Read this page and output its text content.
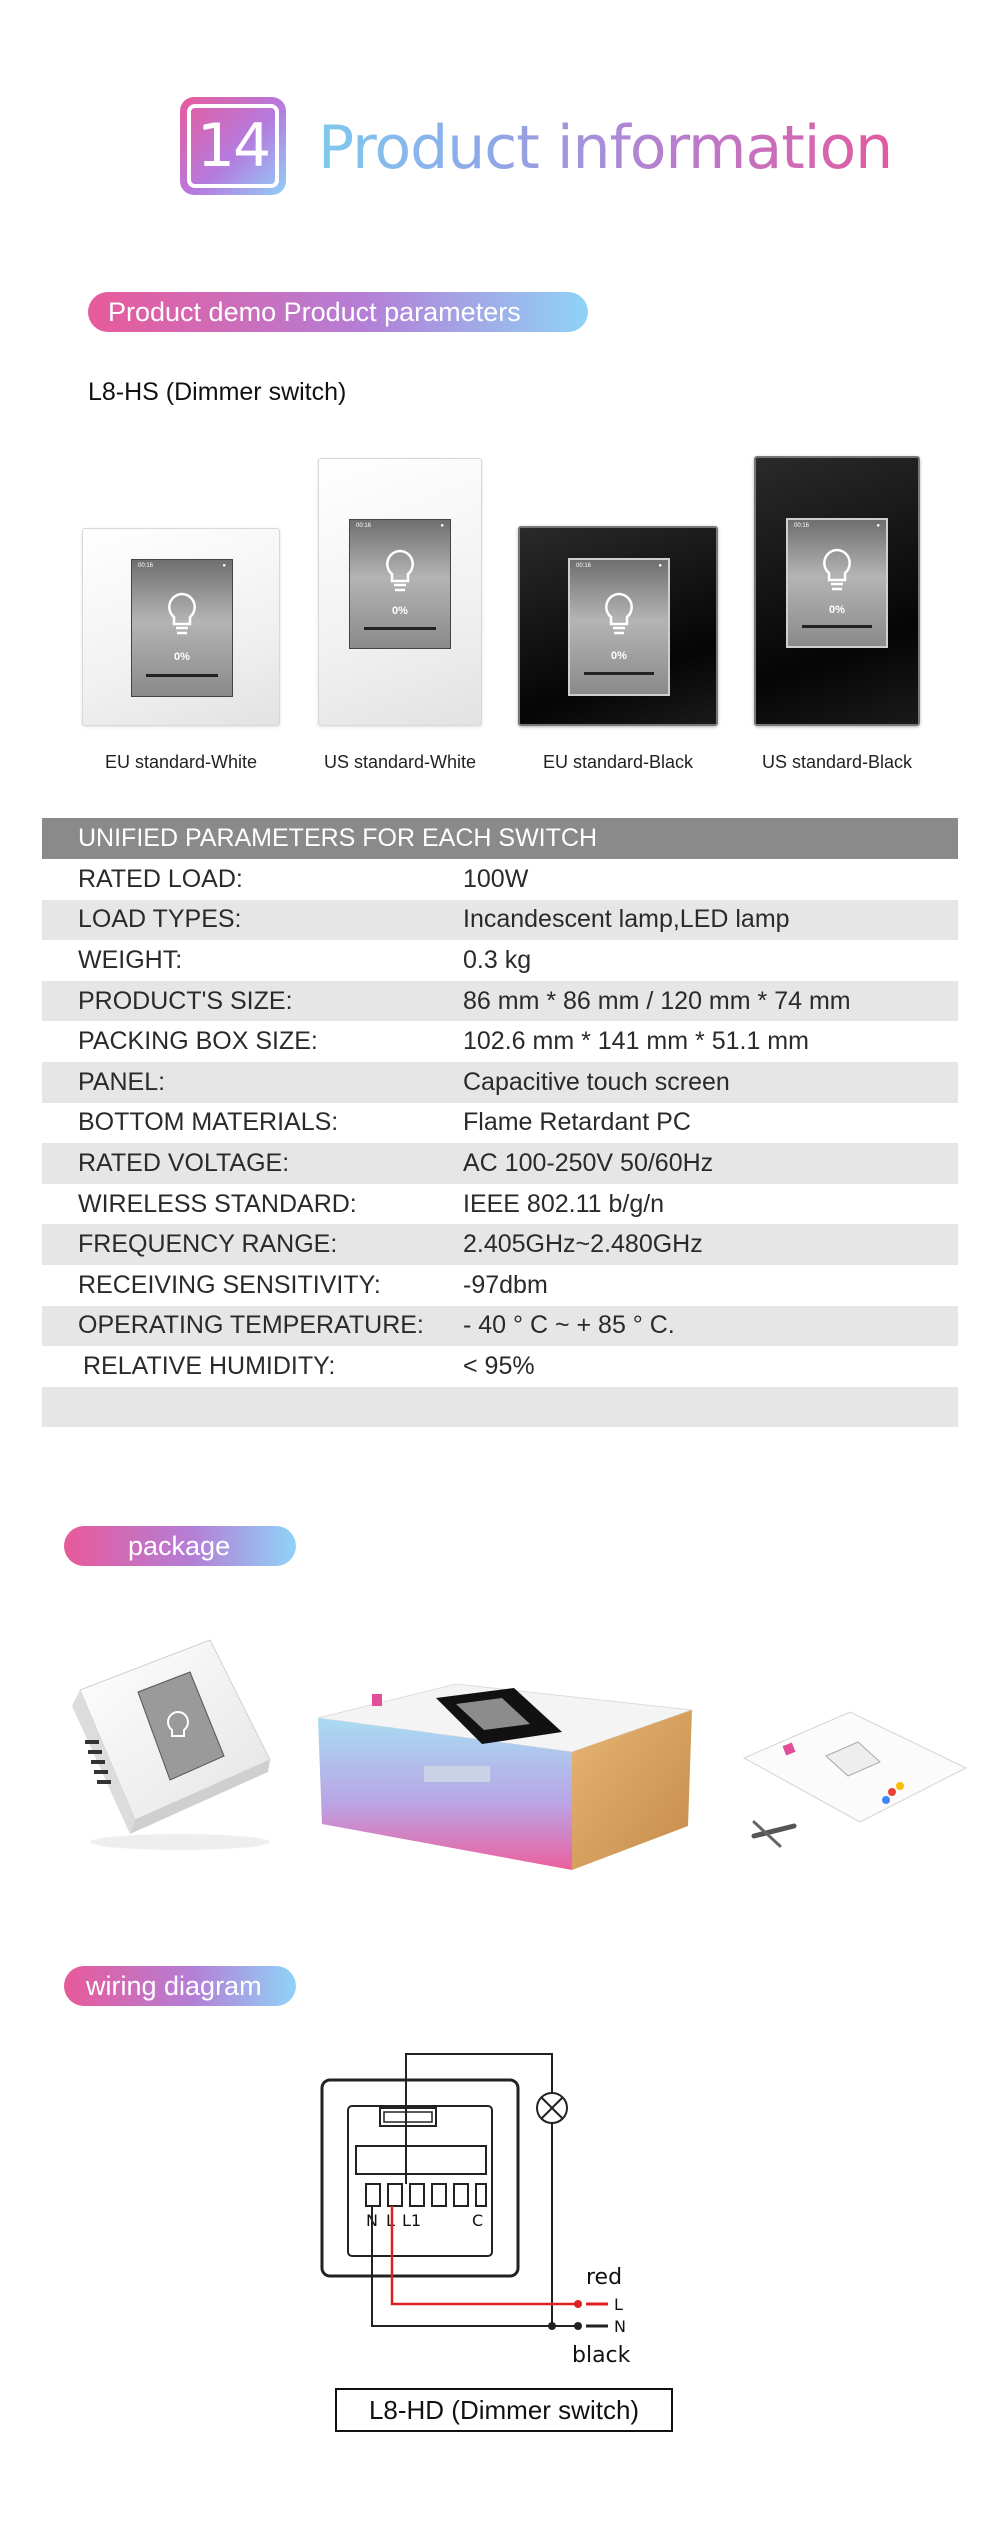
14 Product information
Product demo Product parameters
L8-HS (Dimmer switch)
00:16	●
0%
00:16	●
0%
00:16	●
0%
00:16	●
0%
EU standard-White	US standard-White	EU standard-Black	US standard-Black
UNIFIED PARAMETERS FOR EACH SWITCH
RATED LOAD:	100W
LOAD TYPES:	Incandescent lamp,LED lamp
WEIGHT:	0.3 kg
PRODUCT'S SIZE:	86 mm * 86 mm / 120 mm * 74 mm
PACKING BOX SIZE:	102.6 mm * 141 mm * 51.1 mm
PANEL:	Capacitive touch screen
BOTTOM MATERIALS:	Flame Retardant PC
RATED VOLTAGE:	AC 100-250V 50/60Hz
WIRELESS STANDARD:	IEEE 802.11 b/g/n
FREQUENCY RANGE:	2.405GHz~2.480GHz
RECEIVING SENSITIVITY:	-97dbm
OPERATING TEMPERATURE:	- 40 ° C ~ + 85 ° C.
RELATIVE HUMIDITY:	< 95%
package
wiring diagram
N L L1	C
red
L
N
black
L8-HD (Dimmer switch)
